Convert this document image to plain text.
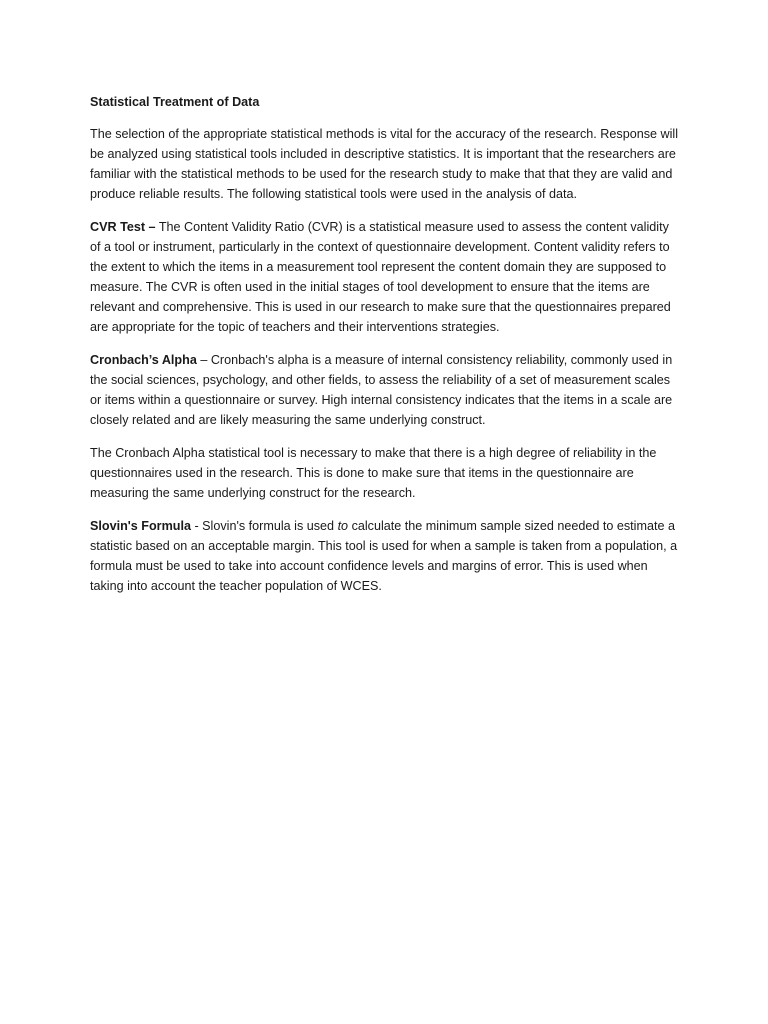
Statistical Treatment of Data

The selection of the appropriate statistical methods is vital for the accuracy of the research. Response will be analyzed using statistical tools included in descriptive statistics. It is important that the researchers are familiar with the statistical methods to be used for the research study to make that that they are valid and produce reliable results. The following statistical tools were used in the analysis of data.

CVR Test – The Content Validity Ratio (CVR) is a statistical measure used to assess the content validity of a tool or instrument, particularly in the context of questionnaire development. Content validity refers to the extent to which the items in a measurement tool represent the content domain they are supposed to measure. The CVR is often used in the initial stages of tool development to ensure that the items are relevant and comprehensive. This is used in our research to make sure that the questionnaires prepared are appropriate for the topic of teachers and their interventions strategies.

Cronbach’s Alpha – Cronbach's alpha is a measure of internal consistency reliability, commonly used in the social sciences, psychology, and other fields, to assess the reliability of a set of measurement scales or items within a questionnaire or survey. High internal consistency indicates that the items in a scale are closely related and are likely measuring the same underlying construct.

The Cronbach Alpha statistical tool is necessary to make that there is a high degree of reliability in the questionnaires used in the research. This is done to make sure that items in the questionnaire are measuring the same underlying construct for the research.

Slovin's Formula - Slovin's formula is used to calculate the minimum sample sized needed to estimate a statistic based on an acceptable margin. This tool is used for when a sample is taken from a population, a formula must be used to take into account confidence levels and margins of error. This is used when taking into account the teacher population of WCES.
